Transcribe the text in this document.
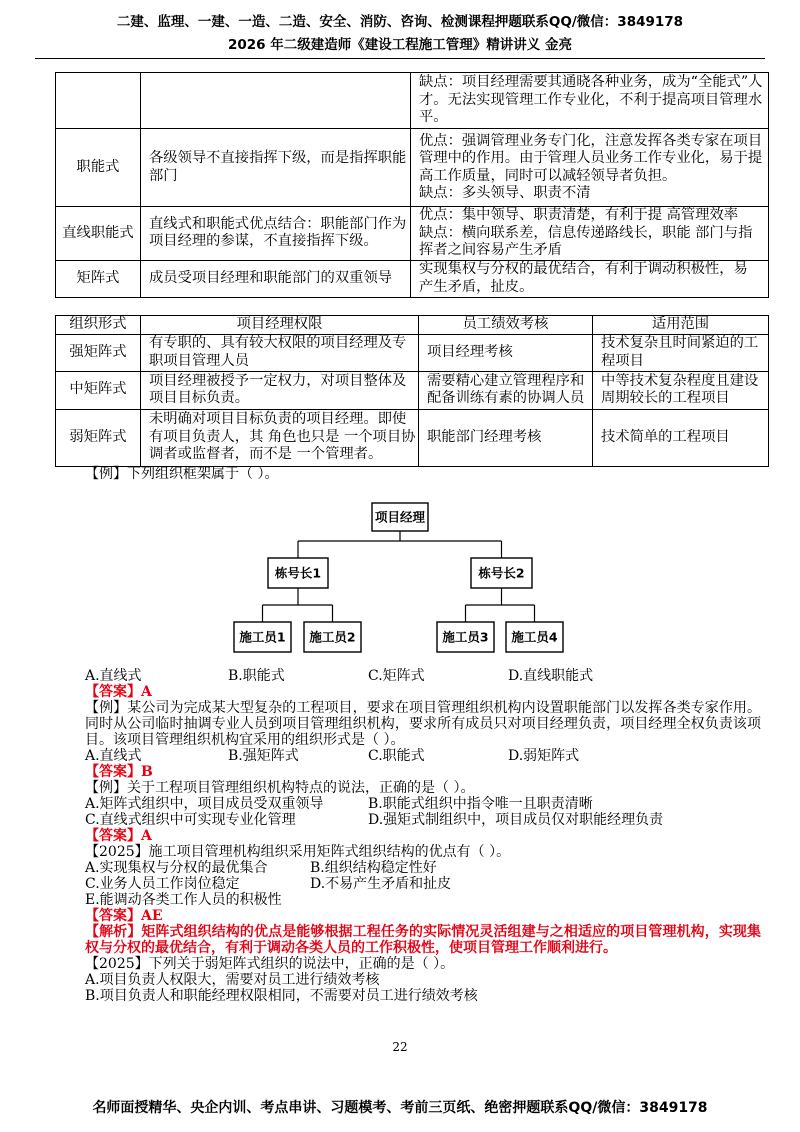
二建、监理、一建、一造、二造、安全、消防、咨询、检测课程押题联系QQ/微信：3849178
2026 年二级建造师《建设工程施工管理》精讲讲义 金亮

		缺点：项目经理需要其通晓各种业务，成为“全能式”人才。无法实现管理工作专业化，不利于提高项目管理水平。

职能式	各级领导不直接指挥下级，而是指挥职能部门	优点：强调管理业务专门化，注意发挥各类专家在项目管理中的作用。由于管理人员业务工作专业化，易于提高工作质量，同时可以减轻领导者负担。
缺点：多头领导、职责不清

直线职能式	直线式和职能式优点结合：职能部门作为项目经理的参谋，不直接指挥下级。	优点：集中领导、职责清楚，有利于提 高管理效率
缺点：横向联系差，信息传递路线长，职能 部门与指挥者之间容易产生矛盾

矩阵式	成员受项目经理和职能部门的双重领导	实现集权与分权的最优结合，有利于调动积极性，易 产生矛盾，扯皮。
组织形式	项目经理权限	员工绩效考核	适用范围
强矩阵式	有专职的、具有较大权限的项目经理及专职项目管理人员	项目经理考核	技术复杂且时间紧迫的工程项目
中矩阵式	项目经理被授予一定权力，对项目整体及项目目标负责。	需要精心建立管理程序和配备训练有素的协调人员	中等技术复杂程度且建设周期较长的工程项目
弱矩阵式	未明确对项目目标负责的项目经理。即使有项目负责人，其 角色也只是 一个项目协调者或监督者，而不是 一个管理者。	职能部门经理考核	技术简单的工程项目

【例】下列组织框架属于（ ）。

项目经理
栋号长1	栋号长2
施工员1 施工员2	施工员3 施工员4
A.直线式	B.职能式	C.矩阵式	D.直线职能式

【答案】A

【例】某公司为完成某大型复杂的工程项目，要求在项目管理组织机构内设置职能部门以发挥各类专家作用。同时从公司临时抽调专业人员到项目管理组织机构，要求所有成员只对项目经理负责，项目经理全权负责该项目。该项目管理组织机构宜采用的组织形式是（ ）。

A.直线式	B.强矩阵式	C.职能式	D.弱矩阵式

【答案】B

【例】关于工程项目管理组织机构特点的说法，正确的是（ ）。

A.矩阵式组织中，项目成员受双重领导	B.职能式组织中指令唯一且职责清晰
C.直线式组织中可实现专业化管理	D.强矩式制组织中，项目成员仅对职能经理负责

【答案】A

【2025】施工项目管理机构组织采用矩阵式组织结构的优点有（ ）。

A.实现集权与分权的最优集合	B.组织结构稳定性好
C.业务人员工作岗位稳定	D.不易产生矛盾和扯皮
E.能调动各类工作人员的积极性

【答案】AE

【解析】矩阵式组织结构的优点是能够根据工程任务的实际情况灵活组建与之相适应的项目管理机构，实现集权与分权的最优结合，有利于调动各类人员的工作积极性，使项目管理工作顺利进行。

【2025】下列关于弱矩阵式组织的说法中，正确的是（ ）。

A.项目负责人权限大，需要对员工进行绩效考核
B.项目负责人和职能经理权限相同，不需要对员工进行绩效考核
22
名师面授精华、央企内训、考点串讲、习题模考、考前三页纸、绝密押题联系QQ/微信：3849178
